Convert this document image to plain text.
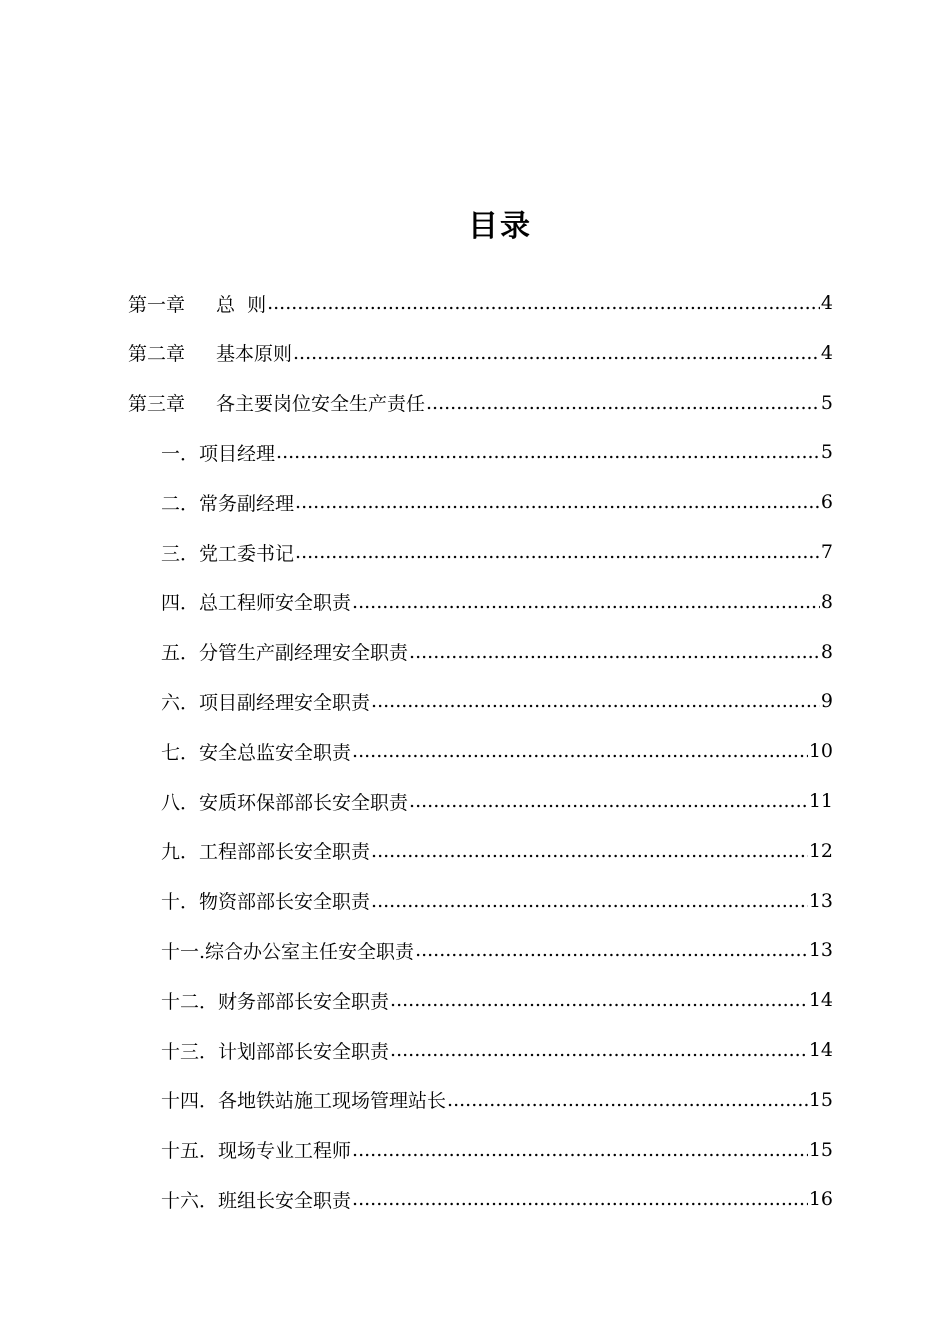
目录
第一章	总  则 .....	4
第二章	基本原则 .....	4
第三章	各主要岗位安全生产责任 .....	5
一． 项目经理 .....	5
二． 常务副经理 .....	6
三． 党工委书记 .....	7
四． 总工程师安全职责 .....	8
五． 分管生产副经理安全职责 .....	8
六． 项目副经理安全职责 .....	9
七． 安全总监安全职责 .....	10
八． 安质环保部部长安全职责 .....	11
九． 工程部部长安全职责 .....	12
十． 物资部部长安全职责 .....	13
十一. 综合办公室主任安全职责 .....	13
十二． 财务部部长安全职责 .....	14
十三． 计划部部长安全职责 .....	14
十四． 各地铁站施工现场管理站长 .....	15
十五． 现场专业工程师 .....	15
十六． 班组长安全职责 .....	16
